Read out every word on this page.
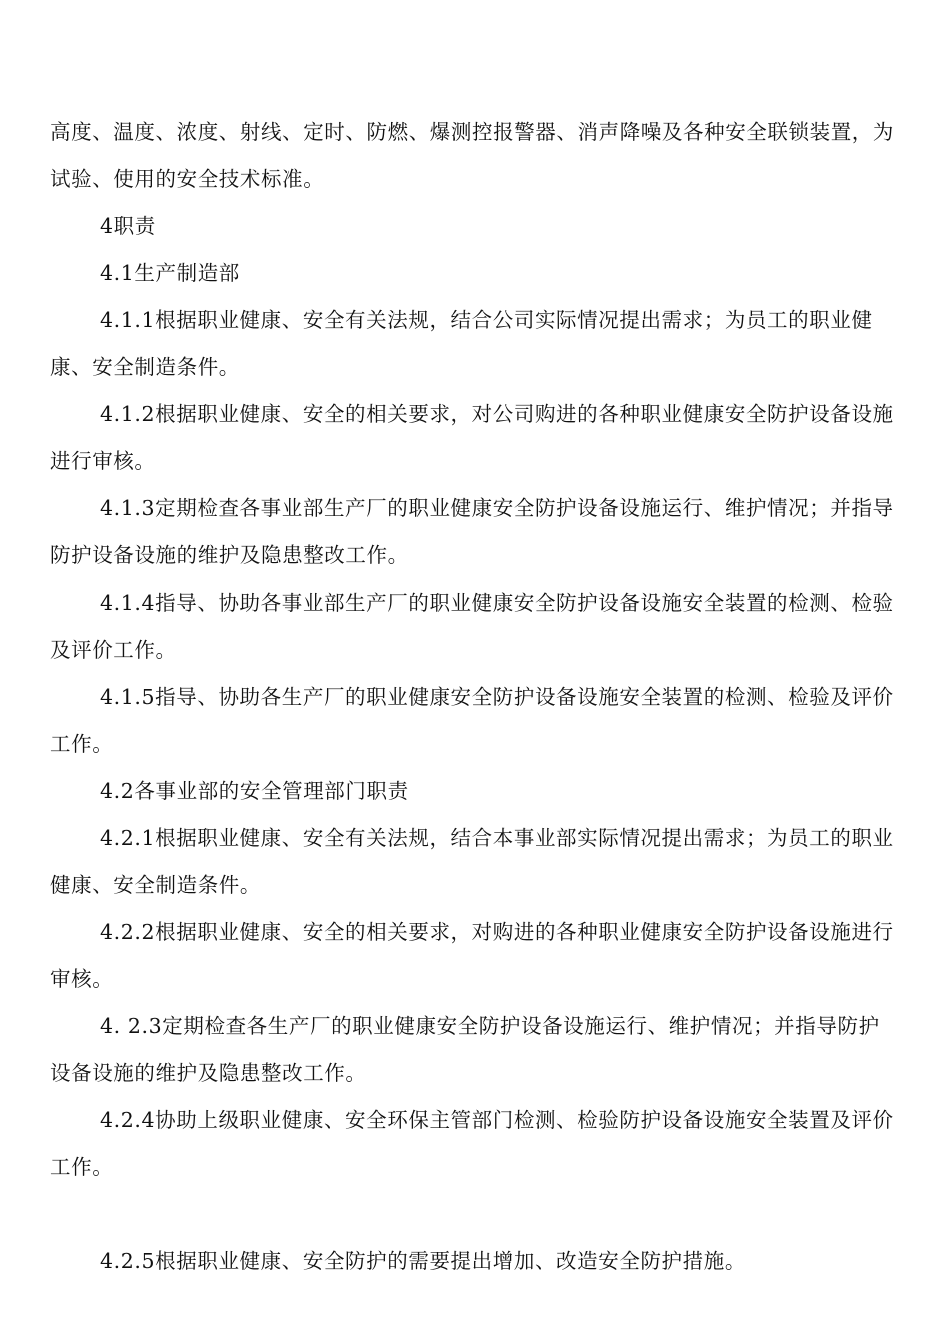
高度、温度、浓度、射线、定时、防燃、爆测控报警器、消声降噪及各种安全联锁装置，为试验、使用的安全技术标准。

4职责

4.1生产制造部

4.1.1根据职业健康、安全有关法规，结合公司实际情况提出需求；为员工的职业健康、安全制造条件。

4.1.2根据职业健康、安全的相关要求，对公司购进的各种职业健康安全防护设备设施进行审核。

4.1.3定期检查各事业部生产厂的职业健康安全防护设备设施运行、维护情况；并指导防护设备设施的维护及隐患整改工作。

4.1.4指导、协助各事业部生产厂的职业健康安全防护设备设施安全装置的检测、检验及评价工作。

4.1.5指导、协助各生产厂的职业健康安全防护设备设施安全装置的检测、检验及评价工作。

4.2各事业部的安全管理部门职责

4.2.1根据职业健康、安全有关法规，结合本事业部实际情况提出需求；为员工的职业健康、安全制造条件。

4.2.2根据职业健康、安全的相关要求，对购进的各种职业健康安全防护设备设施进行审核。

4. 2.3定期检查各生产厂的职业健康安全防护设备设施运行、维护情况；并指导防护设备设施的维护及隐患整改工作。

4.2.4协助上级职业健康、安全环保主管部门检测、检验防护设备设施安全装置及评价工作。

4.2.5根据职业健康、安全防护的需要提出增加、改造安全防护措施。
